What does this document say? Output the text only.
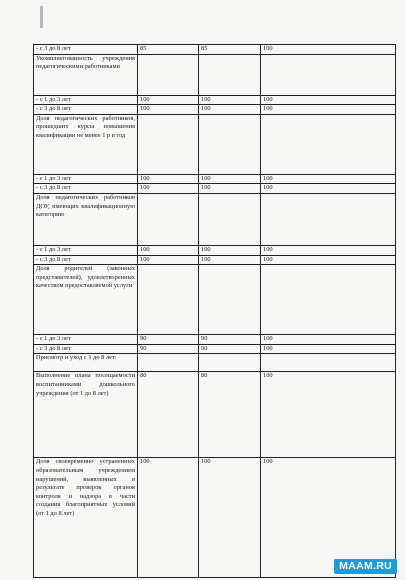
- с 3 до 8 лет	85	85	100
Укомплектованность учреждения педагогическими работниками			
- с 1 до 3 лет	100	100	100
- с 3 до 8 лет	100	100	100
Доля педагогических работников, прошедших курсы повышения квалификации не менее 1 р в год			
- с 1 до 3 лет	100	100	100
- с 3 до 8 лет	100	100	100
Доля педагогических работников ДОУ, имеющих квалификационную категорию			
- с 1 до 3 лет	100	100	100
- с 3 до 8 лет	100	100	100
Доля родителей (законных представителей), удовлетворенных качеством предоставляемой услуги			
- с 1 до 3 лет	90	90	100
- с 3 до 8 лет	90	90	100
Присмотр и уход с 1 до 8 лет:			
Выполнение плана посещаемости воспитанниками дошкольного учреждения (от 1 до 8 лет)	80	80	100
Доля своевременно устраненных образовательным учреждением нарушений, выявленных в результате проверок органов контроля и надзора в части создания благоприятных условий (от 1 до 8 лет)	100	100	100
MAAM.RU
